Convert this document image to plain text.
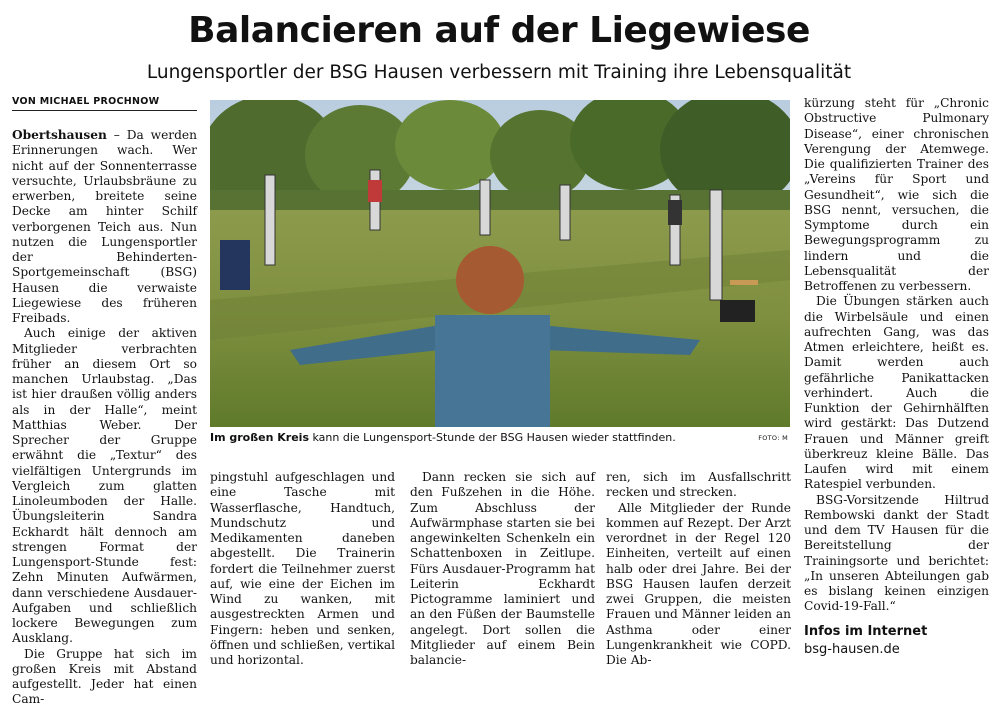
Balancieren auf der Liegewiese
Lungensportler der BSG Hausen verbessern mit Training ihre Lebensqualität
VON MICHAEL PROCHNOW

Obertshausen – Da werden Erinnerungen wach. Wer nicht auf der Sonnenterrasse versuchte, Urlaubsbräune zu erwerben, breitete seine Decke am hinter Schilf verborgenen Teich aus. Nun nutzen die Lungensportler der Behinderten-Sportgemeinschaft (BSG) Hausen die verwaiste Liegewiese des früheren Freibads.

Auch einige der aktiven Mitglieder verbrachten früher an diesem Ort so manchen Urlaubstag. „Das ist hier draußen völlig anders als in der Halle“, meint Matthias Weber. Der Sprecher der Gruppe erwähnt die „Textur“ des vielfältigen Untergrunds im Vergleich zum glatten Linoleumboden der Halle. Übungsleiterin Sandra Eckhardt hält dennoch am strengen Format der Lungensport-Stunde fest: Zehn Minuten Aufwärmen, dann verschiedene Ausdauer-Aufgaben und schließlich lockere Bewegungen zum Ausklang.

Die Gruppe hat sich im großen Kreis mit Abstand aufgestellt. Jeder hat einen Cam-

Im großen Kreis kann die Lungensport-Stunde der BSG Hausen wieder stattfinden.	FOTO: M

pingstuhl aufgeschlagen und eine Tasche mit Wasserflasche, Handtuch, Mundschutz und Medikamenten daneben abgestellt. Die Trainerin fordert die Teilnehmer zuerst auf, wie eine der Eichen im Wind zu wanken, mit ausgestreckten Armen und Fingern: heben und senken, öffnen und schließen, vertikal und horizontal.

Dann recken sie sich auf den Fußzehen in die Höhe. Zum Abschluss der Aufwärmphase starten sie bei angewinkelten Schenkeln ein Schattenboxen in Zeitlupe. Fürs Ausdauer-Programm hat Leiterin Eckhardt Pictogramme laminiert und an den Füßen der Baumstelle angelegt. Dort sollen die Mitglieder auf einem Bein balancie-

ren, sich im Ausfallschritt recken und strecken.

Alle Mitglieder der Runde kommen auf Rezept. Der Arzt verordnet in der Regel 120 Einheiten, verteilt auf einen halb oder drei Jahre. Bei der BSG Hausen laufen derzeit zwei Gruppen, die meisten Frauen und Männer leiden an Asthma oder einer Lungenkrankheit wie COPD. Die Ab-

kürzung steht für „Chronic Obstructive Pulmonary Disease“, einer chronischen Verengung der Atemwege. Die qualifizierten Trainer des „Vereins für Sport und Gesundheit“, wie sich die BSG nennt, versuchen, die Symptome durch ein Bewegungsprogramm zu lindern und die Lebensqualität der Betroffenen zu verbessern.

Die Übungen stärken auch die Wirbelsäule und einen aufrechten Gang, was das Atmen erleichtere, heißt es. Damit werden auch gefährliche Panikattacken verhindert. Auch die Funktion der Gehirnhälften wird gestärkt: Das Dutzend Frauen und Männer greift überkreuz kleine Bälle. Das Laufen wird mit einem Ratespiel verbunden.

BSG-Vorsitzende Hiltrud Rembowski dankt der Stadt und dem TV Hausen für die Bereitstellung der Trainingsorte und berichtet: „In unseren Abteilungen gab es bislang keinen einzigen Covid-19-Fall.“

Infos im Internet
bsg-hausen.de
